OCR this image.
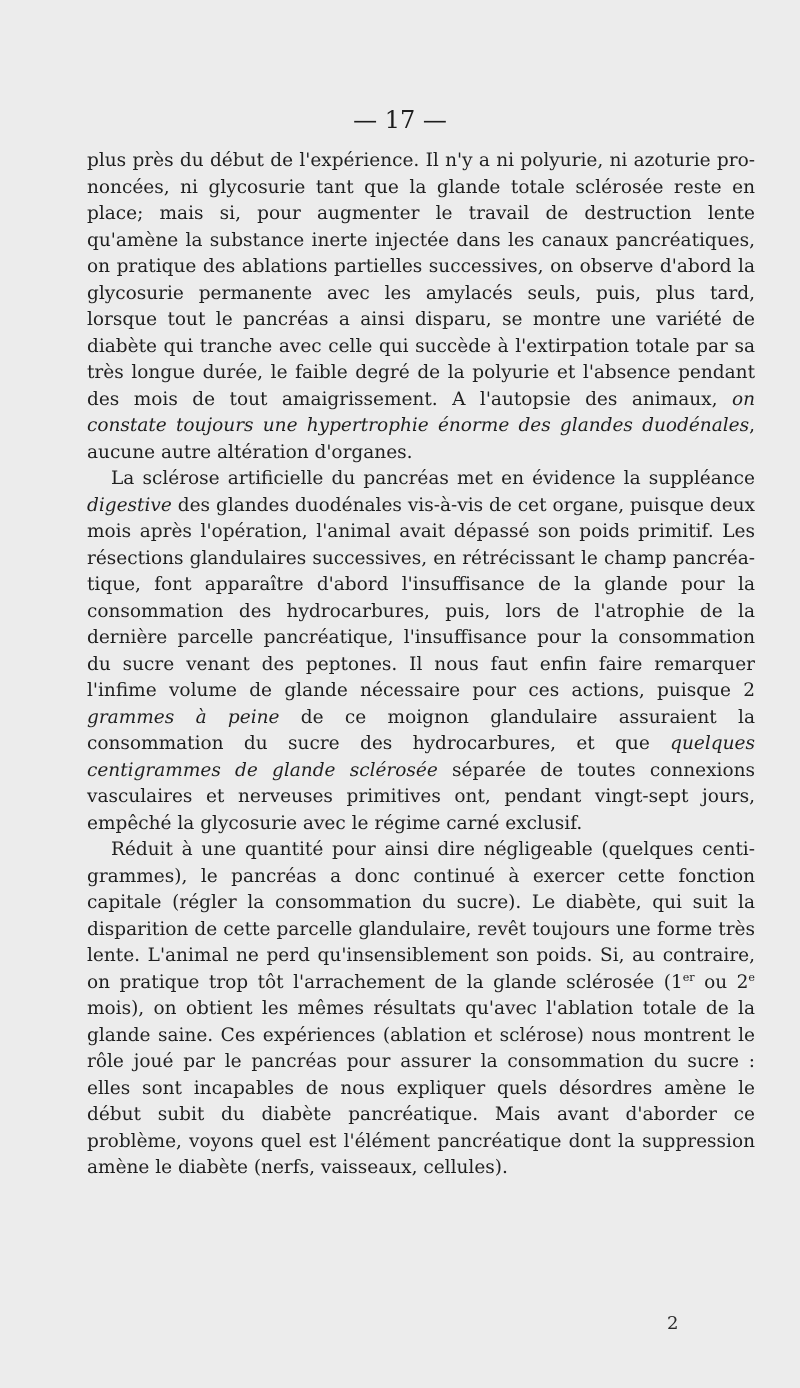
— 17 —

plus près du début de l'expérience. Il n'y a ni polyurie, ni azoturie prononcées, ni glycosurie tant que la glande totale sclérosée reste en place; mais si, pour augmenter le travail de destruction lente qu'amène la substance inerte injectée dans les canaux pancréatiques, on pratique des ablations partielles successives, on observe d'abord la glycosurie permanente avec les amylacés seuls, puis, plus tard, lorsque tout le pancréas a ainsi disparu, se montre une variété de diabète qui tranche avec celle qui succède à l'extirpation totale par sa très longue durée, le faible degré de la polyurie et l'absence pendant des mois de tout amaigrissement. A l'autopsie des animaux, on constate toujours une hypertrophie énorme des glandes duodénales, aucune autre altération d'organes.

La sclérose artificielle du pancréas met en évidence la suppléance digestive des glandes duodénales vis-à-vis de cet organe, puisque deux mois après l'opération, l'animal avait dépassé son poids primitif. Les résections glandulaires successives, en rétrécissant le champ pancréatique, font apparaître d'abord l'insuffisance de la glande pour la consommation des hydrocarbures, puis, lors de l'atrophie de la dernière parcelle pancréatique, l'insuffisance pour la consommation du sucre venant des peptones. Il nous faut enfin faire remarquer l'infime volume de glande nécessaire pour ces actions, puisque 2 grammes à peine de ce moignon glandulaire assuraient la consommation du sucre des hydrocarbures, et que quelques centigrammes de glande sclérosée séparée de toutes connexions vasculaires et nerveuses primitives ont, pendant vingt-sept jours, empêché la glycosurie avec le régime carné exclusif.

Réduit à une quantité pour ainsi dire négligeable (quelques centigrammes), le pancréas a donc continué à exercer cette fonction capitale (régler la consommation du sucre). Le diabète, qui suit la disparition de cette parcelle glandulaire, revêt toujours une forme très lente. L'animal ne perd qu'insensiblement son poids. Si, au contraire, on pratique trop tôt l'arrachement de la glande sclérosée (1er ou 2e mois), on obtient les mêmes résultats qu'avec l'ablation totale de la glande saine. Ces expériences (ablation et sclérose) nous montrent le rôle joué par le pancréas pour assurer la consommation du sucre : elles sont incapables de nous expliquer quels désordres amène le début subit du diabète pancréatique. Mais avant d'aborder ce problème, voyons quel est l'élément pancréatique dont la suppression amène le diabète (nerfs, vaisseaux, cellules).

2
